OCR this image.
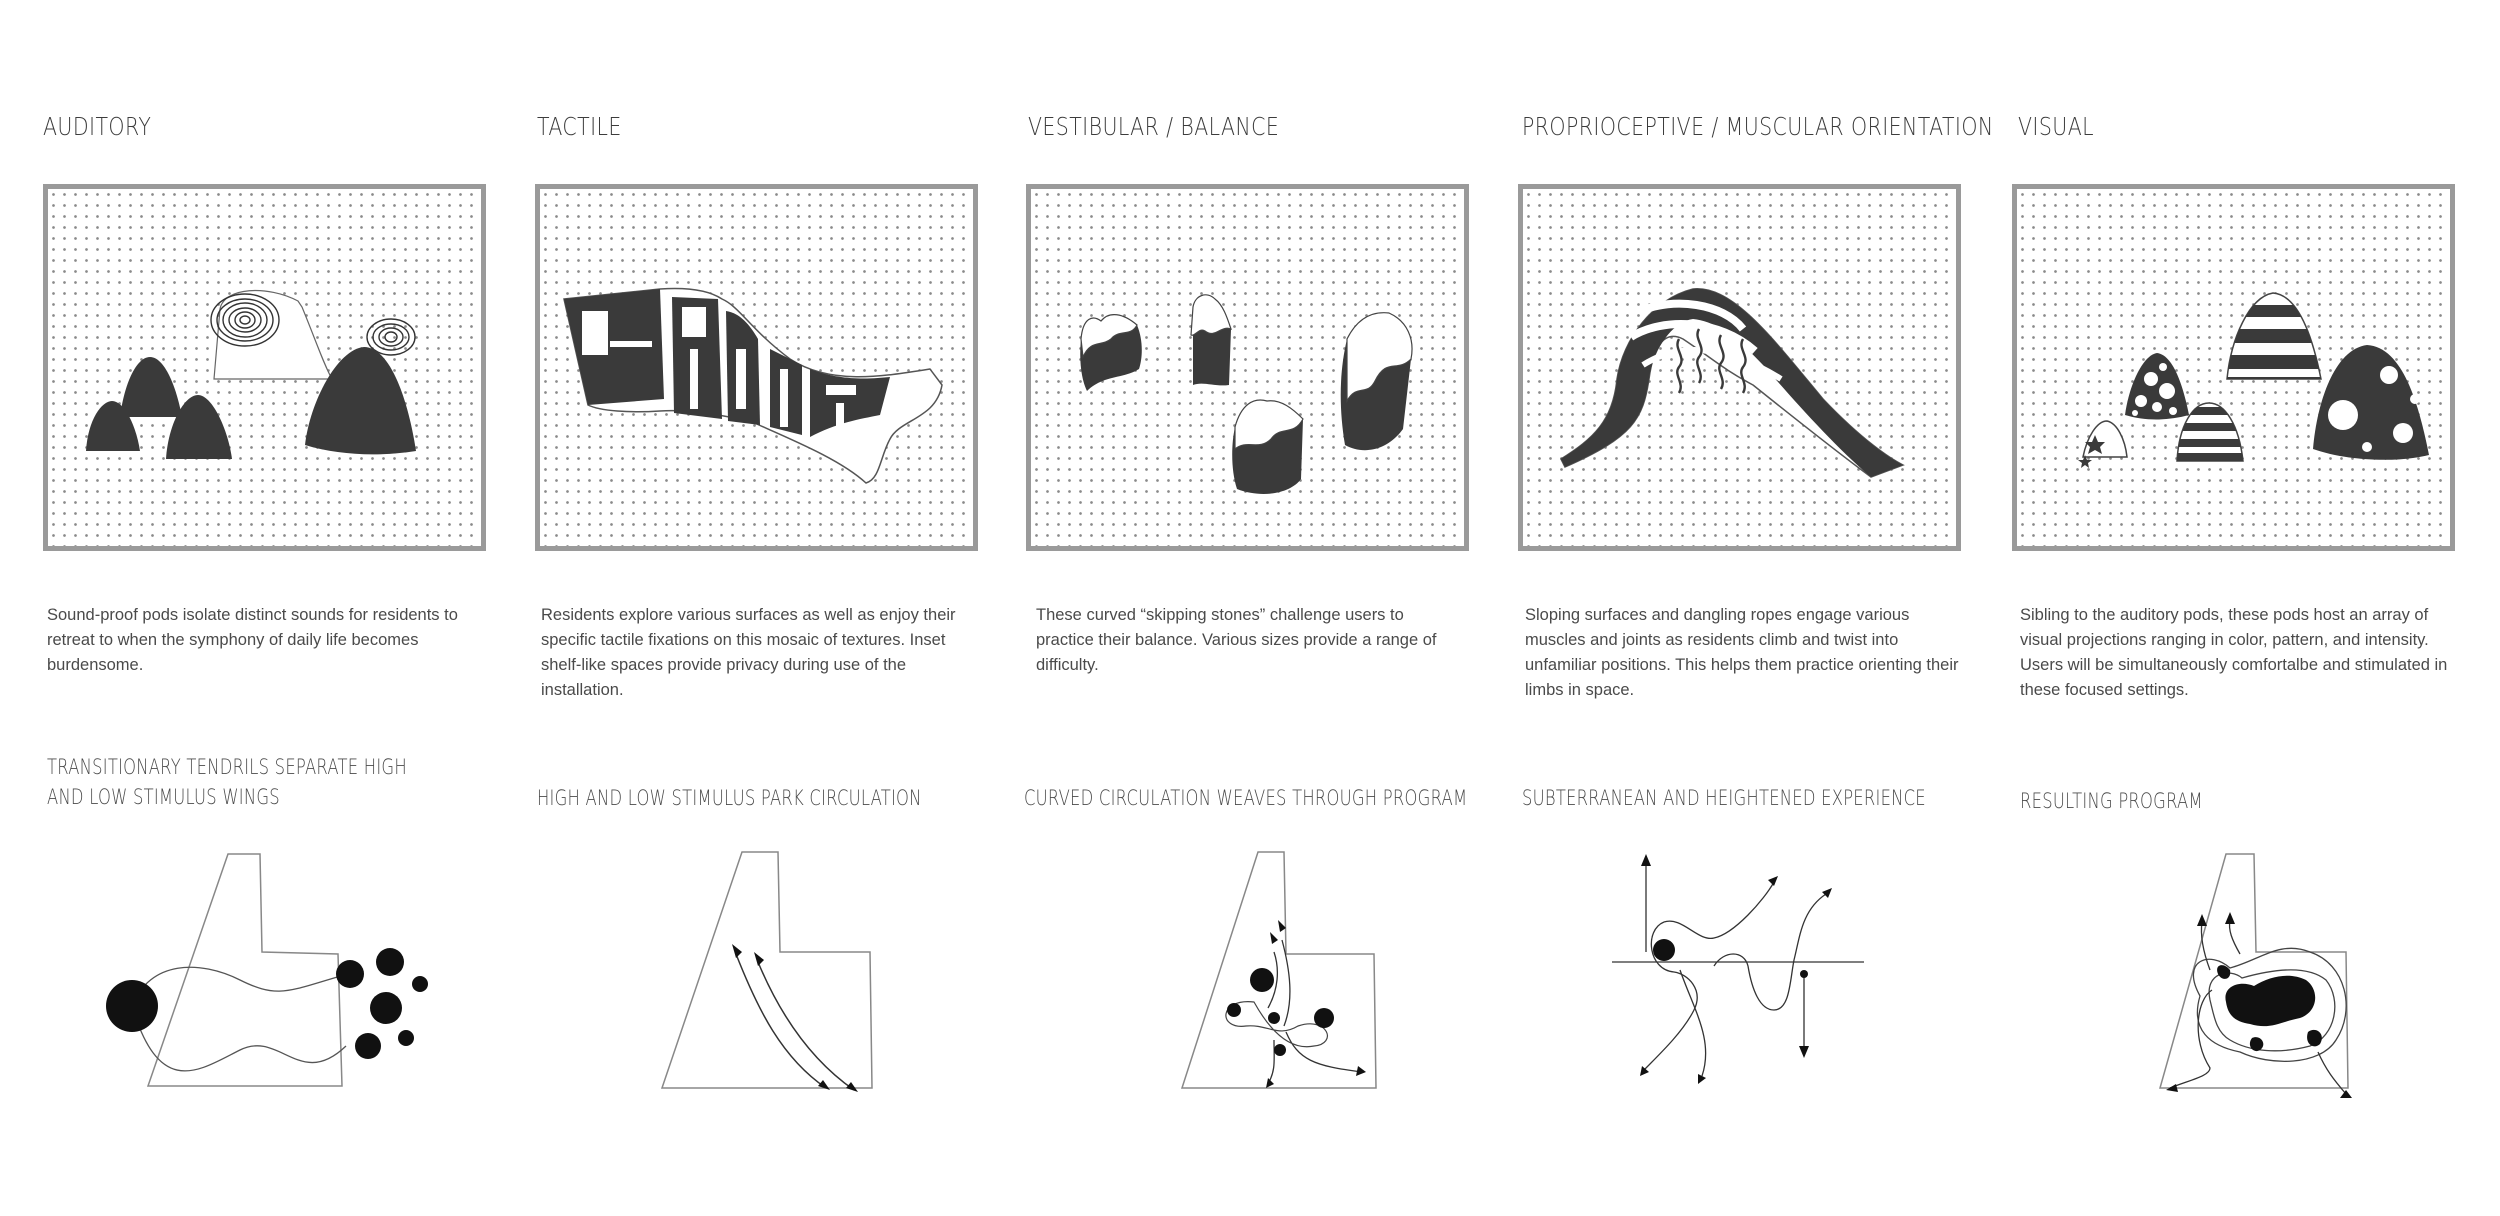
AUDITORY	TACTILE	VESTIBULAR / BALANCE	PROPRIOCEPTIVE / MUSCULAR ORIENTATION VISUAL

Sound-proof pods isolate distinct sounds for residents to retreat to when the symphony of daily life becomes burdensome.

Residents explore various surfaces as well as enjoy their specific tactile fixations on this mosaic of textures. Inset shelf-like spaces provide privacy during use of the installation.

These curved “skipping stones” challenge users to practice their balance. Various sizes provide a range of difficulty.

Sloping surfaces and dangling ropes engage various muscles and joints as residents climb and twist into unfamiliar positions. This helps them practice orienting their limbs in space.

Sibling to the auditory pods, these pods host an array of visual projections ranging in color, pattern, and intensity. Users will be simultaneously comfortalbe and stimulated in these focused settings.

TRANSITIONARY TENDRILS SEPARATE HIGH
AND LOW STIMULUS WINGS	HIGH AND LOW STIMULUS PARK CIRCULATION	CURVED CIRCULATION WEAVES THROUGH PROGRAM	SUBTERRANEAN AND HEIGHTENED EXPERIENCE	RESULTING PROGRAM
